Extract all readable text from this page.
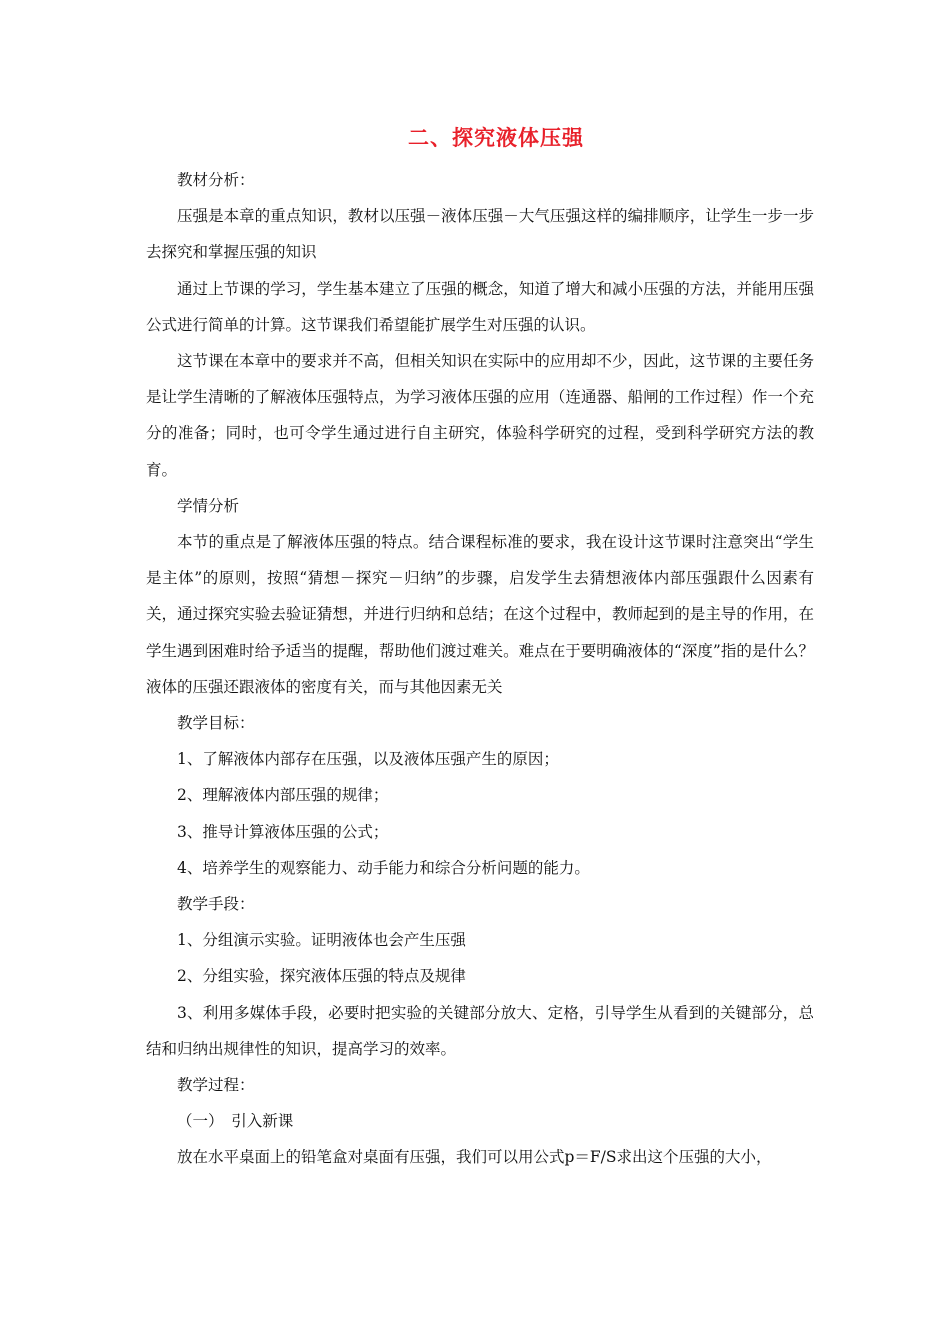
二、探究液体压强

教材分析：

压强是本章的重点知识，教材以压强－液体压强－大气压强这样的编排顺序，让学生一步一步去探究和掌握压强的知识

通过上节课的学习，学生基本建立了压强的概念，知道了增大和减小压强的方法，并能用压强公式进行简单的计算。这节课我们希望能扩展学生对压强的认识。

这节课在本章中的要求并不高，但相关知识在实际中的应用却不少，因此，这节课的主要任务是让学生清晰的了解液体压强特点，为学习液体压强的应用（连通器、船闸的工作过程）作一个充分的准备；同时，也可令学生通过进行自主研究，体验科学研究的过程，受到科学研究方法的教育。

学情分析

本节的重点是了解液体压强的特点。结合课程标准的要求，我在设计这节课时注意突出“学生是主体”的原则，按照“猜想－探究－归纳”的步骤，启发学生去猜想液体内部压强跟什么因素有关，通过探究实验去验证猜想，并进行归纳和总结；在这个过程中，教师起到的是主导的作用，在学生遇到困难时给予适当的提醒，帮助他们渡过难关。难点在于要明确液体的“深度”指的是什么？液体的压强还跟液体的密度有关，而与其他因素无关

教学目标：

1、了解液体内部存在压强，以及液体压强产生的原因；

2、理解液体内部压强的规律；

3、推导计算液体压强的公式；

4、培养学生的观察能力、动手能力和综合分析问题的能力。

教学手段：

1、分组演示实验。证明液体也会产生压强

2、分组实验，探究液体压强的特点及规律

3、利用多媒体手段，必要时把实验的关键部分放大、定格，引导学生从看到的关键部分，总结和归纳出规律性的知识，提高学习的效率。

教学过程：

（一）　引入新课

放在水平桌面上的铅笔盒对桌面有压强，我们可以用公式p＝F/S求出这个压强的大小，
